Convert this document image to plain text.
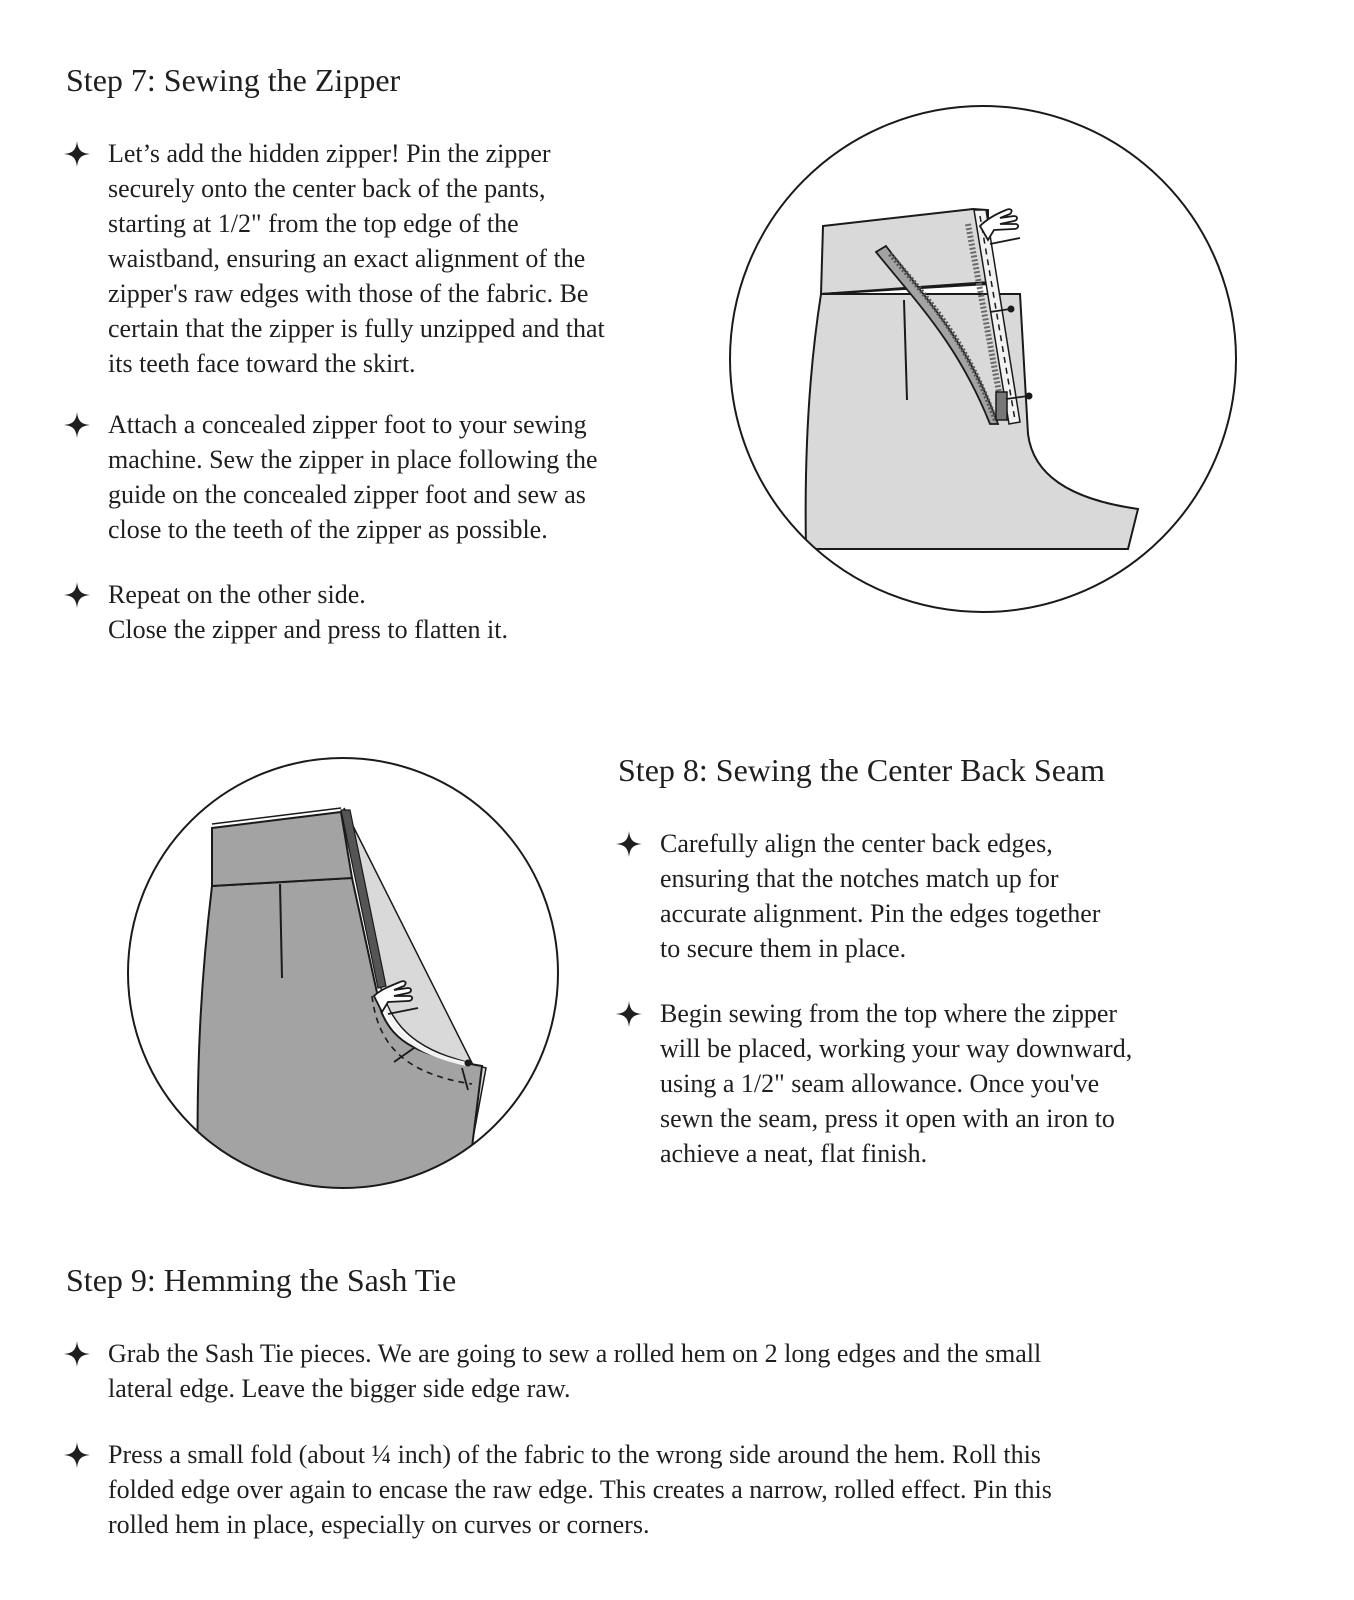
Step 7: Sewing the Zipper

Let’s add the hidden zipper! Pin the zipper

securely onto the center back of the pants,

starting at 1/2" from the top edge of the

waistband, ensuring an exact alignment of the

zipper's raw edges with those of the fabric. Be

certain that the zipper is fully unzipped and that

its teeth face toward the skirt.

Attach a concealed zipper foot to your sewing

machine. Sew the zipper in place following the

guide on the concealed zipper foot and sew as

close to the teeth of the zipper as possible.

Repeat on the other side.

Close the zipper and press to flatten it.

Step 8: Sewing the Center Back Seam

Carefully align the center back edges,

ensuring that the notches match up for

accurate alignment. Pin the edges together

to secure them in place.

Begin sewing from the top where the zipper

will be placed, working your way downward,

using a 1/2" seam allowance. Once you've

sewn the seam, press it open with an iron to

achieve a neat, flat finish.

Step 9: Hemming the Sash Tie

Grab the Sash Tie pieces. We are going to sew a rolled hem on 2 long edges and the small

lateral edge. Leave the bigger side edge raw.

Press a small fold (about ¼ inch) of the fabric to the wrong side around the hem. Roll this

folded edge over again to encase the raw edge. This creates a narrow, rolled effect. Pin this

rolled hem in place, especially on curves or corners.
